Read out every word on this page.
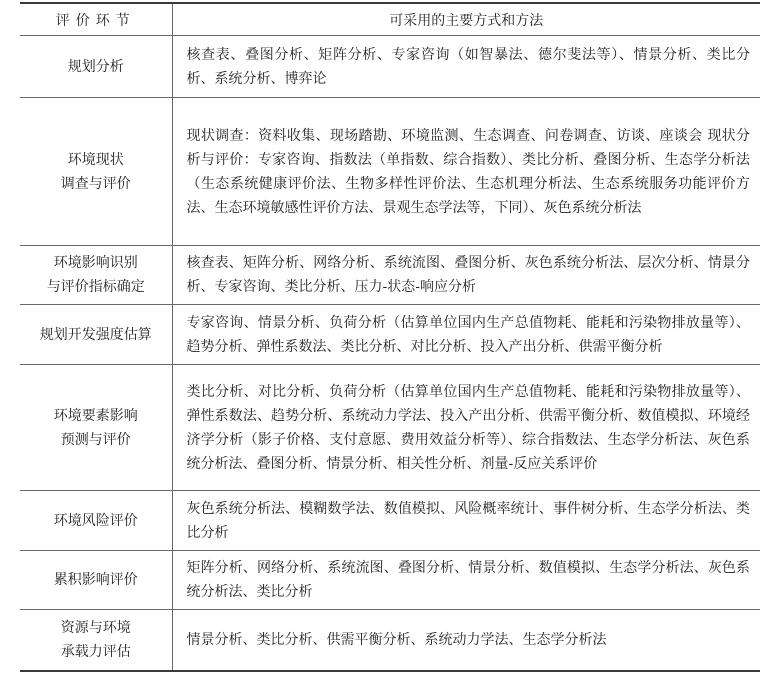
评价环节	可采用的主要方式和方法

规划分析	核查表、叠图分析、矩阵分析、专家咨询（如智暴法、德尔斐法等）、情景分析、类比分析、系统分析、博弈论

环境现状
调查与评价	现状调查：资料收集、现场踏勘、环境监测、生态调查、问卷调查、访谈、座谈会 现状分析与评价：专家咨询、指数法（单指数、综合指数）、类比分析、叠图分析、生态学分析法（生态系统健康评价法、生物多样性评价法、生态机理分析法、生态系统服务功能评价方法、生态环境敏感性评价方法、景观生态学法等，下同）、灰色系统分析法

环境影响识别
与评价指标确定	核查表、矩阵分析、网络分析、系统流图、叠图分析、灰色系统分析法、层次分析、情景分析、专家咨询、类比分析、压力-状态-响应分析

规划开发强度估算	专家咨询、情景分析、负荷分析（估算单位国内生产总值物耗、能耗和污染物排放量等）、趋势分析、弹性系数法、类比分析、对比分析、投入产出分析、供需平衡分析

环境要素影响
预测与评价	类比分析、对比分析、负荷分析（估算单位国内生产总值物耗、能耗和污染物排放量等）、弹性系数法、趋势分析、系统动力学法、投入产出分析、供需平衡分析、数值模拟、环境经济学分析（影子价格、支付意愿、费用效益分析等）、综合指数法、生态学分析法、灰色系统分析法、叠图分析、情景分析、相关性分析、剂量-反应关系评价

环境风险评价	灰色系统分析法、模糊数学法、数值模拟、风险概率统计、事件树分析、生态学分析法、类比分析

累积影响评价	矩阵分析、网络分析、系统流图、叠图分析、情景分析、数值模拟、生态学分析法、灰色系统分析法、类比分析

资源与环境
承载力评估	情景分析、类比分析、供需平衡分析、系统动力学法、生态学分析法
